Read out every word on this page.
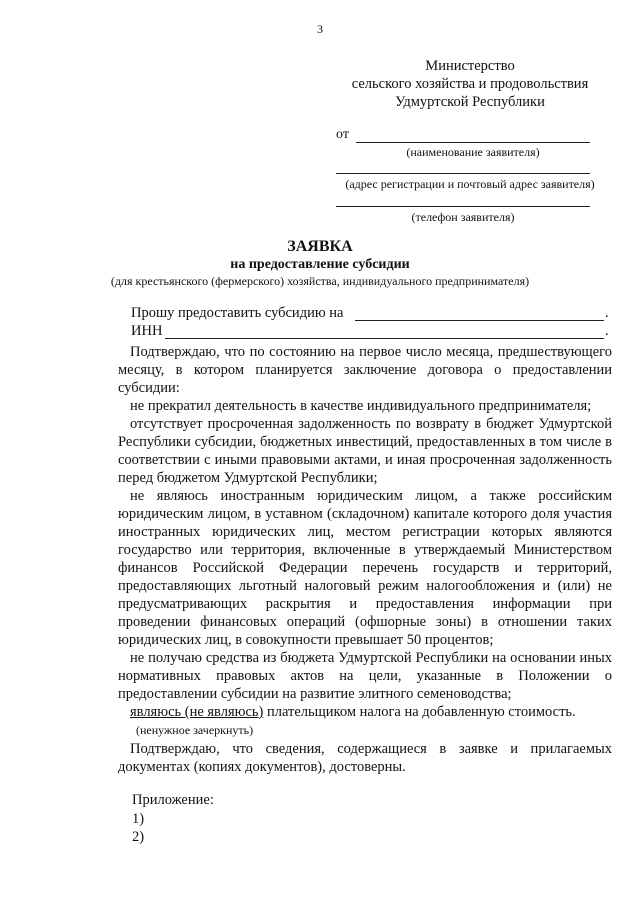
3
Министерство
сельского хозяйства и продовольствия
Удмуртской Республики
от
(наименование заявителя)
(адрес регистрации и почтовый адрес заявителя)
(телефон заявителя)
ЗАЯВКА
на предоставление субсидии
(для крестьянского (фермерского) хозяйства, индивидуального предпринимателя)
Прошу предоставить субсидию на	.
ИНН	.

Подтверждаю, что по состоянию на первое число месяца, предшествующего месяцу, в котором планируется заключение договора о предоставлении субсидии:

не прекратил деятельность в качестве индивидуального предпринимателя;

отсутствует просроченная задолженность по возврату в бюджет Удмуртской Республики субсидии, бюджетных инвестиций, предоставленных в том числе в соответствии с иными правовыми актами, и иная просроченная задолженность перед бюджетом Удмуртской Республики;

не являюсь иностранным юридическим лицом, а также российским юридическим лицом, в уставном (складочном) капитале которого доля участия иностранных юридических лиц, местом регистрации которых являются государство или территория, включенные в утверждаемый Министерством финансов Российской Федерации перечень государств и территорий, предоставляющих льготный налоговый режим налогообложения и (или) не предусматривающих раскрытия и предоставления информации при проведении финансовых операций (офшорные зоны) в отношении таких юридических лиц, в совокупности превышает 50 процентов;

не получаю средства из бюджета Удмуртской Республики на основании иных нормативных правовых актов на цели, указанные в Положении о предоставлении субсидии на развитие элитного семеноводства;

являюсь (не являюсь) плательщиком налога на добавленную стоимость.

(ненужное зачеркнуть)

Подтверждаю, что сведения, содержащиеся в заявке и прилагаемых документах (копиях документов), достоверны.

Приложение:
1)
2)
